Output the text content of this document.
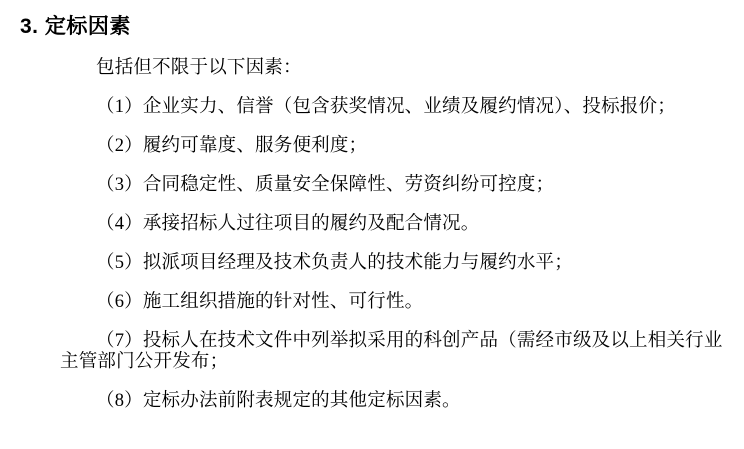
3. 定标因素

包括但不限于以下因素：

（1）企业实力、信誉（包含获奖情况、业绩及履约情况）、投标报价；

（2）履约可靠度、服务便利度；

（3）合同稳定性、质量安全保障性、劳资纠纷可控度；

（4）承接招标人过往项目的履约及配合情况。

（5）拟派项目经理及技术负责人的技术能力与履约水平；

（6）施工组织措施的针对性、可行性。

（7）投标人在技术文件中列举拟采用的科创产品（需经市级及以上相关行业主管部门公开发布；

（8）定标办法前附表规定的其他定标因素。
